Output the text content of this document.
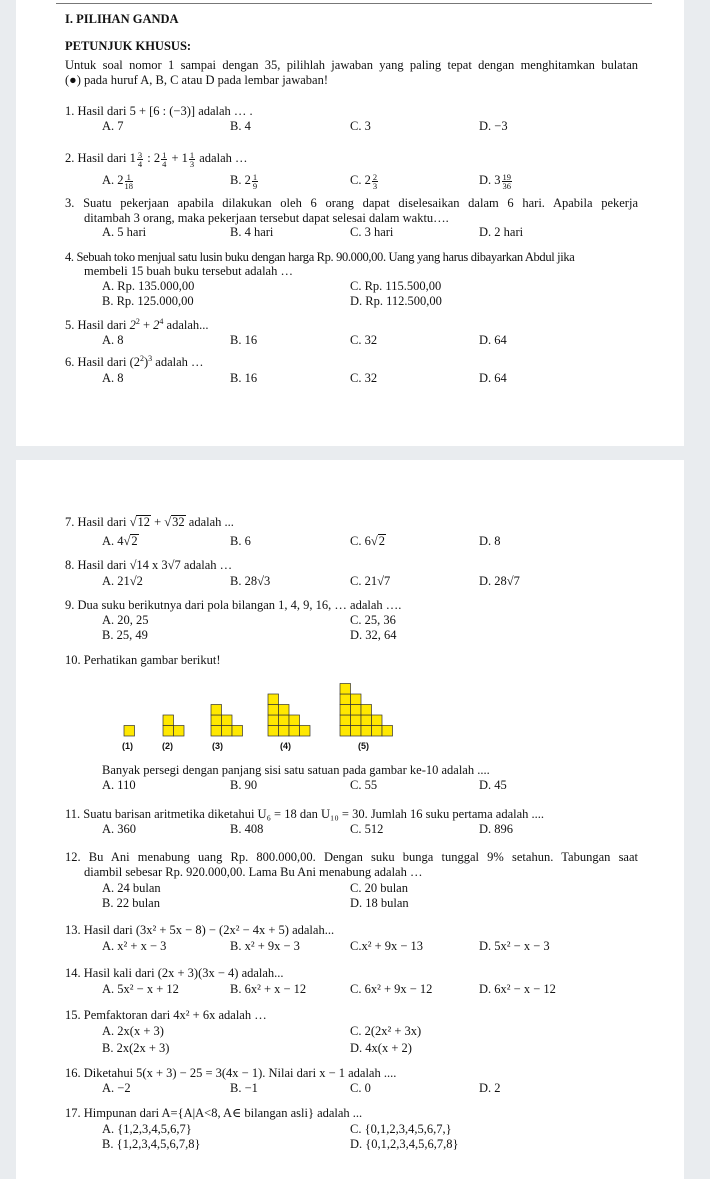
I. PILIHAN GANDA
PETUNJUK KHUSUS:
Untuk soal nomor 1 sampai dengan 35, pilihlah jawaban yang paling tepat dengan menghitamkan bulatan
(●) pada huruf A, B, C atau D pada lembar jawaban!
1. Hasil dari 5 + [6 : (−3)] adalah … .
A. 7	B. 4	C. 3	D. −3
2. Hasil dari $1 \frac{3}{4}$ : $2 \frac{1}{4} + 1 \frac{1}{3}$ adalah …
A. $2 \frac{1}{18}$	B. $2 \frac{1}{9}$	C. $2 \frac{2}{3}$	D. $3 \frac{19}{36}$
3. Suatu pekerjaan apabila dilakukan oleh 6 orang dapat diselesaikan dalam 6 hari. Apabila pekerja
ditambah 3 orang, maka pekerjaan tersebut dapat selesai dalam waktu….
A. 5 hari	B. 4 hari	C. 3 hari	D. 2 hari
4. Sebuah toko menjual satu lusin buku dengan harga Rp. 90.000,00. Uang yang harus dibayarkan Abdul jika
membeli 15 buah buku tersebut adalah …
A. Rp. 135.000,00	C. Rp. 115.500,00
B. Rp. 125.000,00	D. Rp. 112.500,00
5. Hasil dari $2^2 + 2^4$ adalah...
A. 8	B. 16	C. 32	D. 64
6. Hasil dari $(2^2)^3$ adalah …
A. 8	B. 16	C. 32	D. 64
7. Hasil dari √12 + √32 adalah ...
A. 4√2	B. 6	C. 6√2	D. 8
8. Hasil dari √14 x 3√7 adalah …
A. 21√2	B. 28√3	C. 21√7	D. 28√7
9. Dua suku berikutnya dari pola bilangan 1, 4, 9, 16, … adalah ….
A. 20, 25	C. 25, 36
B. 25, 49	D. 32, 64
10. Perhatikan gambar berikut!
(1)	(2)	(3)	(4)	(5)
Banyak persegi dengan panjang sisi satu satuan pada gambar ke-10 adalah ....
A. 110	B. 90	C. 55	D. 45
11. Suatu barisan aritmetika diketahui U₆ = 18 dan U₁₀ = 30. Jumlah 16 suku pertama adalah ....
A. 360	B. 408	C. 512	D. 896
12. Bu Ani menabung uang Rp. 800.000,00. Dengan suku bunga tunggal 9% setahun. Tabungan saat
diambil sebesar Rp. 920.000,00. Lama Bu Ani menabung adalah …
A. 24 bulan	C. 20 bulan
B. 22 bulan	D. 18 bulan
13. Hasil dari (3x² + 5x − 8) − (2x² − 4x + 5) adalah...
A. x² + x − 3	B. x² + 9x − 3	C.x² + 9x − 13	D. 5x² − x − 3
14. Hasil kali dari (2x + 3)(3x − 4) adalah...
A. 5x² − x + 12	B. 6x² + x − 12	C. 6x² + 9x − 12	D. 6x² − x − 12
15. Pemfaktoran dari 4x² + 6x adalah …
A. 2x(x + 3)	C. 2(2x² + 3x)
B. 2x(2x + 3)	D. 4x(x + 2)
16. Diketahui 5(x + 3) − 25 = 3(4x − 1). Nilai dari x − 1 adalah ....
A. −2	B. −1	C. 0	D. 2
17. Himpunan dari A={A|A<8, A∈ bilangan asli} adalah ...
A. {1,2,3,4,5,6,7}	C. {0,1,2,3,4,5,6,7,}
B. {1,2,3,4,5,6,7,8}	D. {0,1,2,3,4,5,6,7,8}
